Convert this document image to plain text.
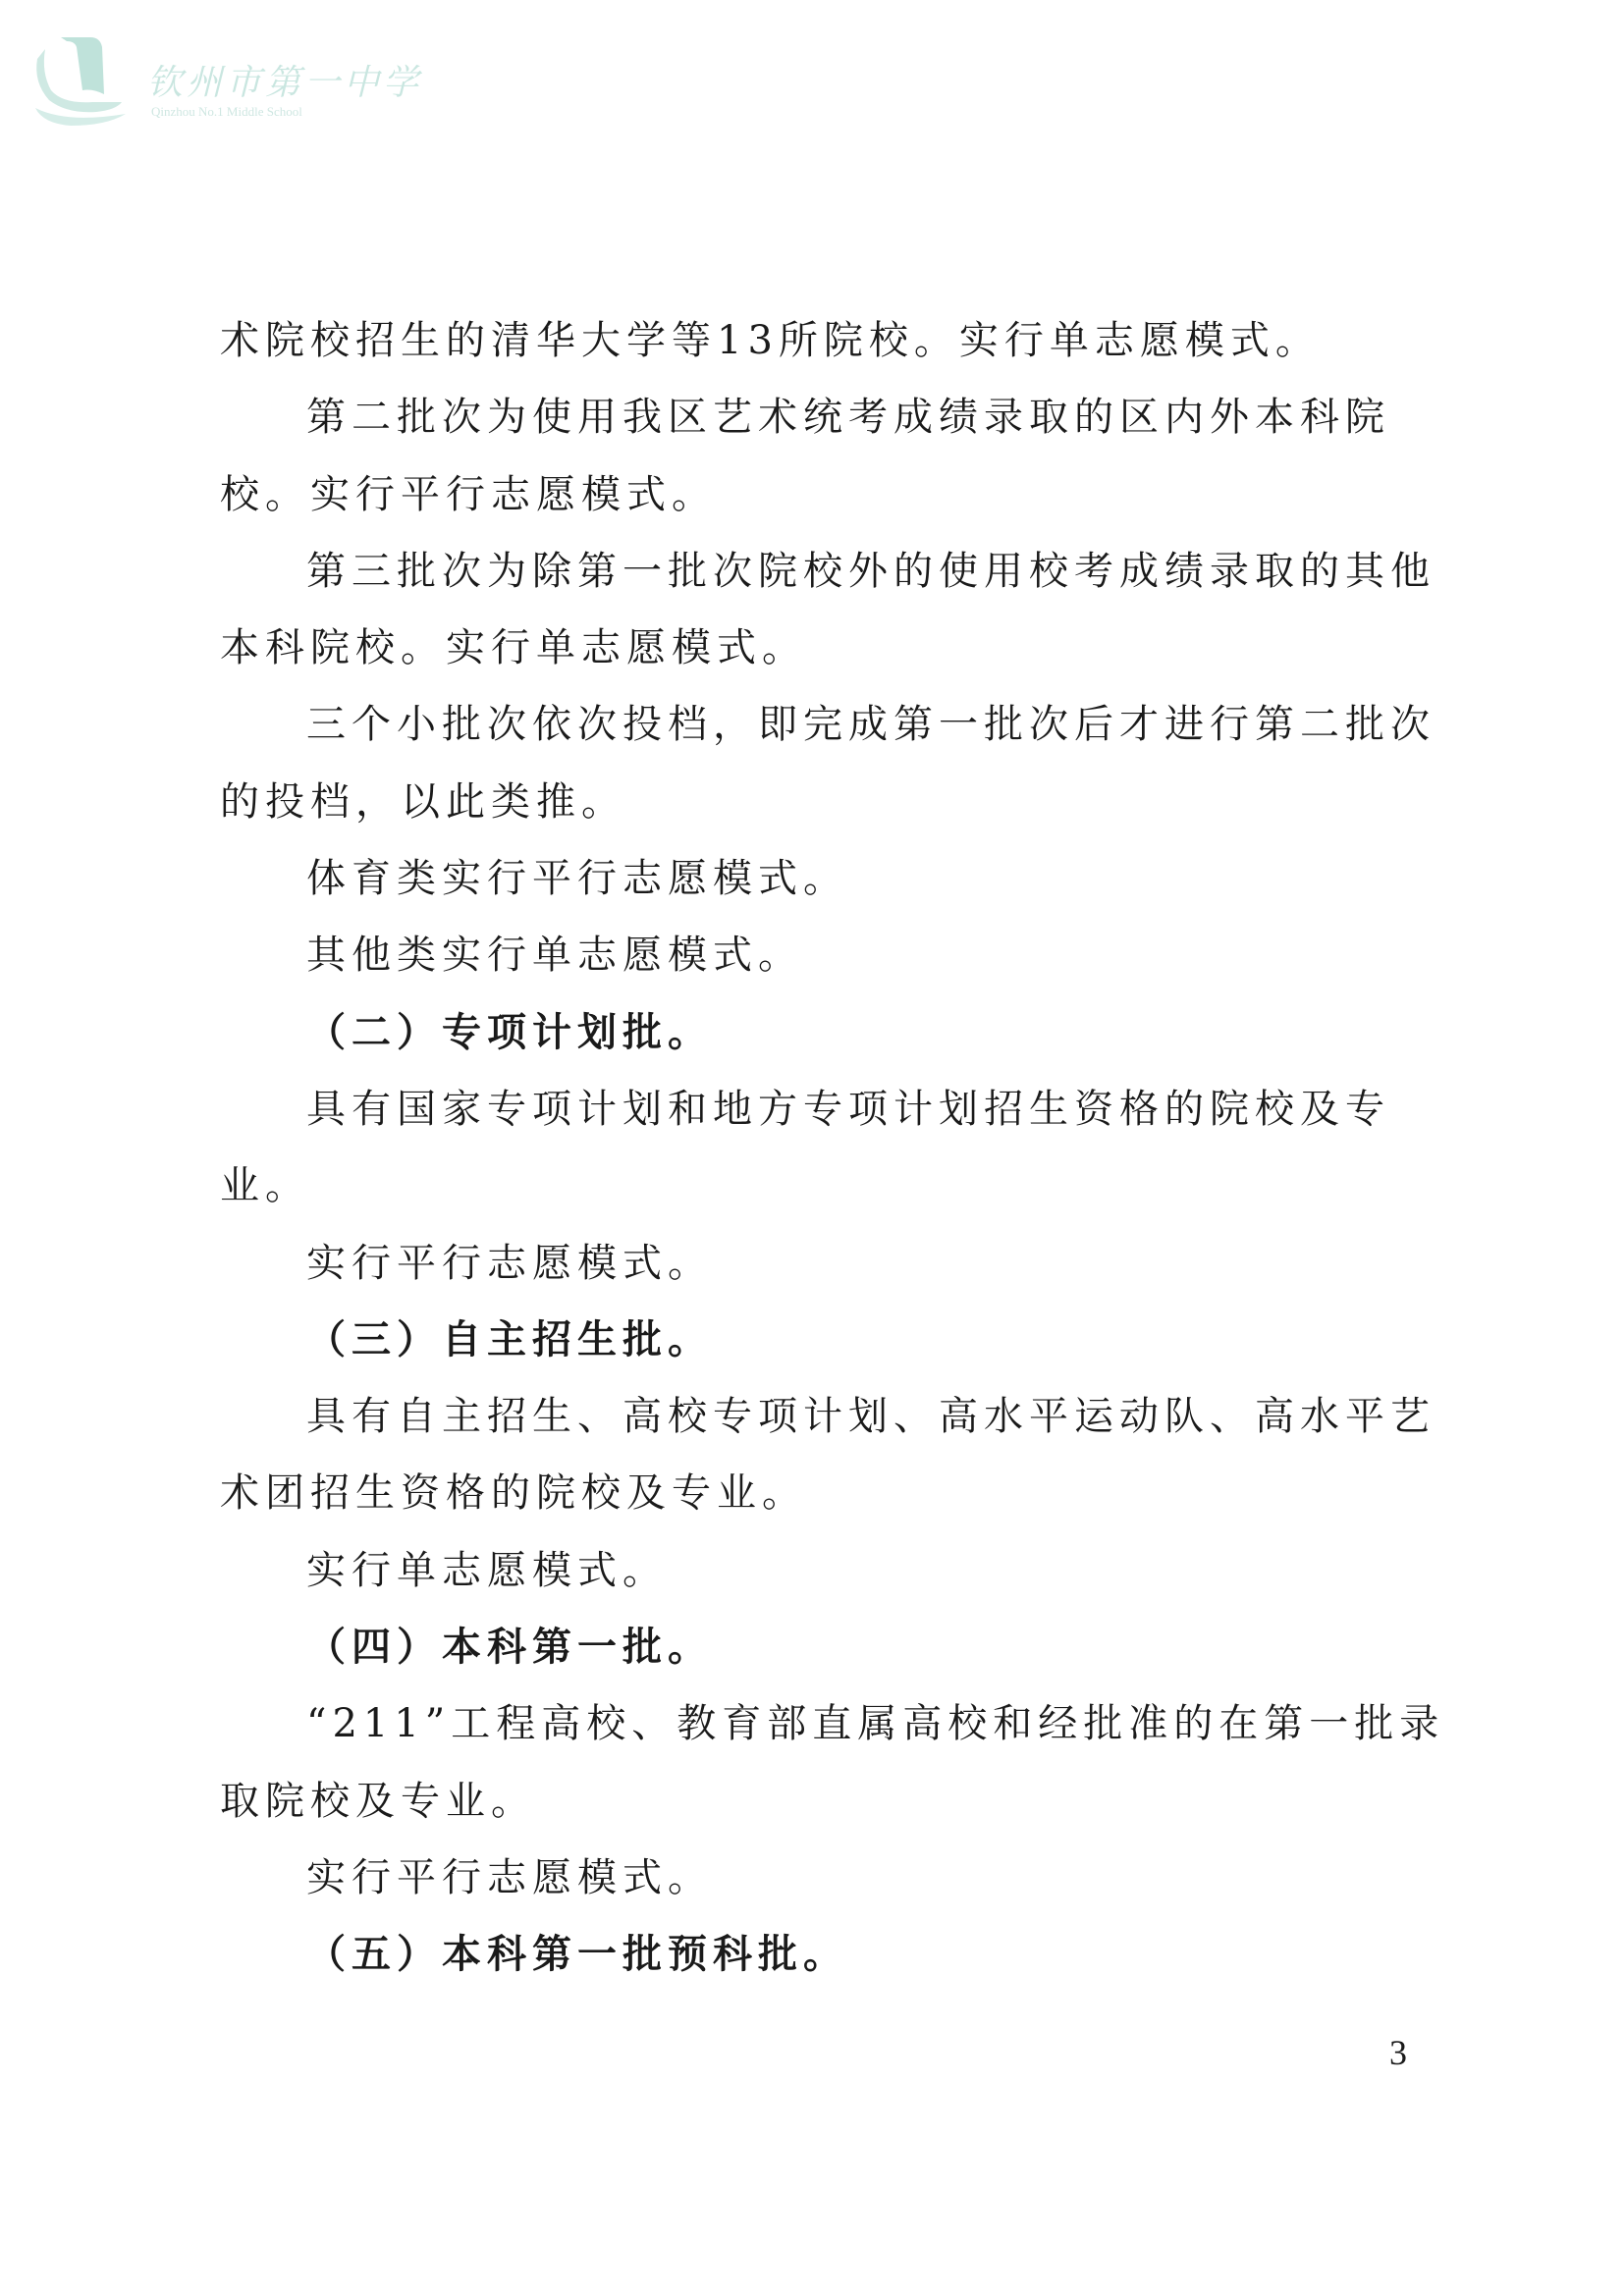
钦州市第一中学
Qinzhou No.1 Middle School
术院校招生的清华大学等13所院校。实行单志愿模式。
第二批次为使用我区艺术统考成绩录取的区内外本科院
校。实行平行志愿模式。
第三批次为除第一批次院校外的使用校考成绩录取的其他
本科院校。实行单志愿模式。
三个小批次依次投档，即完成第一批次后才进行第二批次
的投档，以此类推。
体育类实行平行志愿模式。
其他类实行单志愿模式。
（二）专项计划批。
具有国家专项计划和地方专项计划招生资格的院校及专
业。
实行平行志愿模式。
（三）自主招生批。
具有自主招生、高校专项计划、高水平运动队、高水平艺
术团招生资格的院校及专业。
实行单志愿模式。
（四）本科第一批。
“211”工程高校、教育部直属高校和经批准的在第一批录
取院校及专业。
实行平行志愿模式。
（五）本科第一批预科批。
3
